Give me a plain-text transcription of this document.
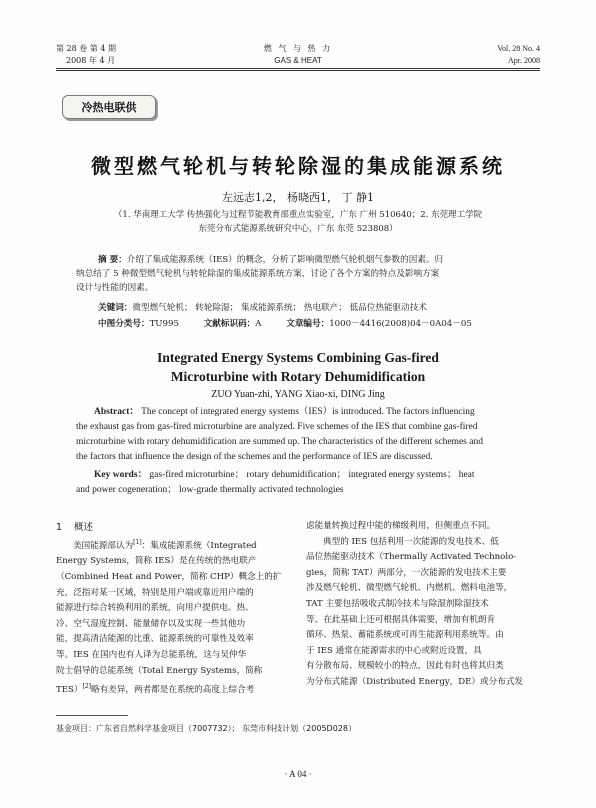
第 28 卷 第 4 期
2008 年 4 月
燃 气 与 热 力
GAS & HEAT
Vol. 28 No. 4
Apr. 2008
冷热电联供
微型燃气轮机与转轮除湿的集成能源系统
左远志1,2， 杨晓西1， 丁 静1
（1. 华南理工大学 传热强化与过程节能教育部重点实验室，广东 广州 510640；2. 东莞理工学院
东莞分布式能源系统研究中心，广东 东莞 523808）
摘 要：介绍了集成能源系统（IES）的概念，分析了影响微型燃气轮机烟气参数的因素。归
纳总结了 5 种微型燃气轮机与转轮除湿的集成能源系统方案，讨论了各个方案的特点及影响方案
设计与性能的因素。
关键词：微型燃气轮机； 转轮除湿； 集成能源系统； 热电联产； 低品位热能驱动技术
中图分类号：TU995	文献标识码：A	文章编号：1000－4416(2008)04－0A04－05
Integrated Energy Systems Combining Gas-fired
Microturbine with Rotary Dehumidification
ZUO Yuan-zhi, YANG Xiao-xi, DING Jing
Abstract： The concept of integrated energy systems（IES）is introduced. The factors influencing
the exhaust gas from gas-fired microturbine are analyzed. Five schemes of the IES that combine gas-fired
microturbine with rotary dehumidification are summed up. The characteristics of the different schemes and
the factors that influence the design of the schemes and the performance of IES are discussed.
Key words： gas-fired microturbine； rotary dehumidification； integrated energy systems； heat
and power cogeneration； low-grade thermally activated technologies
1 概述
美国能源部认为[1]：集成能源系统（Integrated
Energy Systems，简称 IES）是在传统的热电联产
（Combined Heat and Power，简称 CHP）概念上的扩
充，泛指对某一区域，特别是用户端或靠近用户端的
能源进行综合转换利用的系统，向用户提供电、热、
冷、空气湿度控制、能量储存以及实现一些其他功
能，提高清洁能源的比重、能源系统的可靠性及效率
等。IES 在国内也有人译为总能系统，这与吴仲华
院士倡导的总能系统（Total Energy Systems，简称
TES）[2]略有差异，两者都是在系统的高度上综合考
虑能量转换过程中能的梯级利用，但侧重点不同。
典型的 IES 包括利用一次能源的发电技术、低
品位热能驱动技术（Thermally Activated Technolo-
gies，简称 TAT）两部分，一次能源的发电技术主要
涉及燃气轮机、微型燃气轮机、内燃机、燃料电池等，
TAT 主要包括吸收式制冷技术与除湿剂除湿技术
等。在此基础上还可根据具体需要，增加有机朗肯
循环、热泵、蓄能系统或可再生能源利用系统等。由
于 IES 通常在能源需求的中心或附近设置，具
有分散布局、规模较小的特点，因此有时也将其归类
为分布式能源（Distributed Energy，DE）或分布式发
基金项目：广东省自然科学基金项目（7007732）； 东莞市科技计划（2005D028）
· A 04 ·
